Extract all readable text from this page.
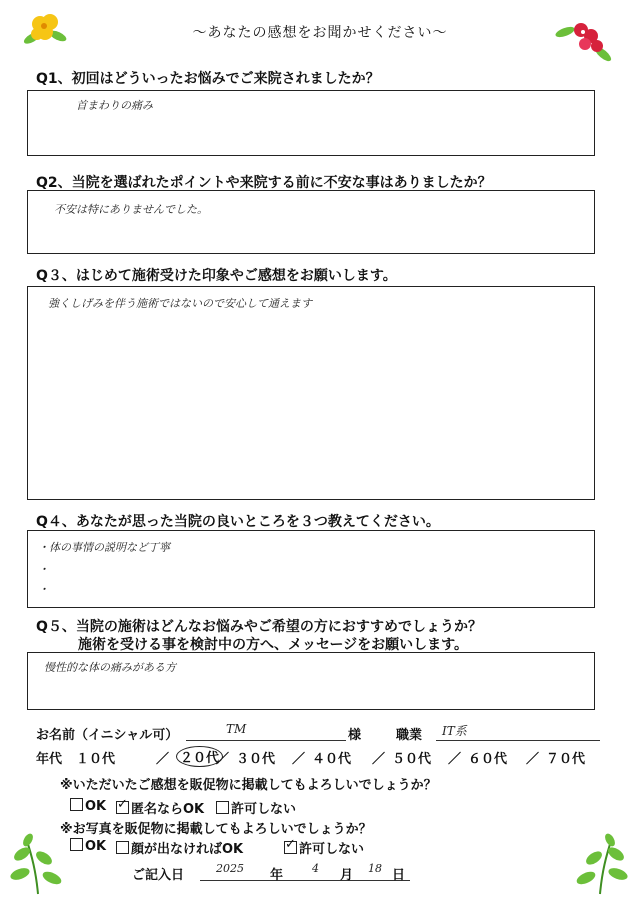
～あなたの感想をお聞かせください～
Q1、初回はどういったお悩みでご来院されましたか？
首まわりの痛み
Q2、当院を選ばれたポイントや来院する前に不安な事はありましたか？
不安は特にありませんでした。
Q３、はじめて施術受けた印象やご感想をお願いします。
強くしげみを伴う施術ではないので安心して通えます
Q４、あなたが思った当院の良いところを３つ教えてください。
・体の事情の説明など丁寧
・
・
Q５、当院の施術はどんなお悩みやご希望の方におすすめでしょうか？
施術を受ける事を検討中の方へ、メッセージをお願いします。
慢性的な体の痛みがある方
お名前（イニシャル可）	TM	様	職業 IT系
年代 １０代	／ ２０代
／ ３０代 ／ ４０代 ／ ５０代 ／ ６０代 ／ ７０代
※いただいたご感想を販促物に掲載してもよろしいでしょうか？
OK ✓	匿名ならOK	許可しない
※お写真を販促物に掲載してもよろしいでしょうか？
OK	顔が出なければOK ✓	許可しない
ご記入日	2025 年	4 月 18 日
